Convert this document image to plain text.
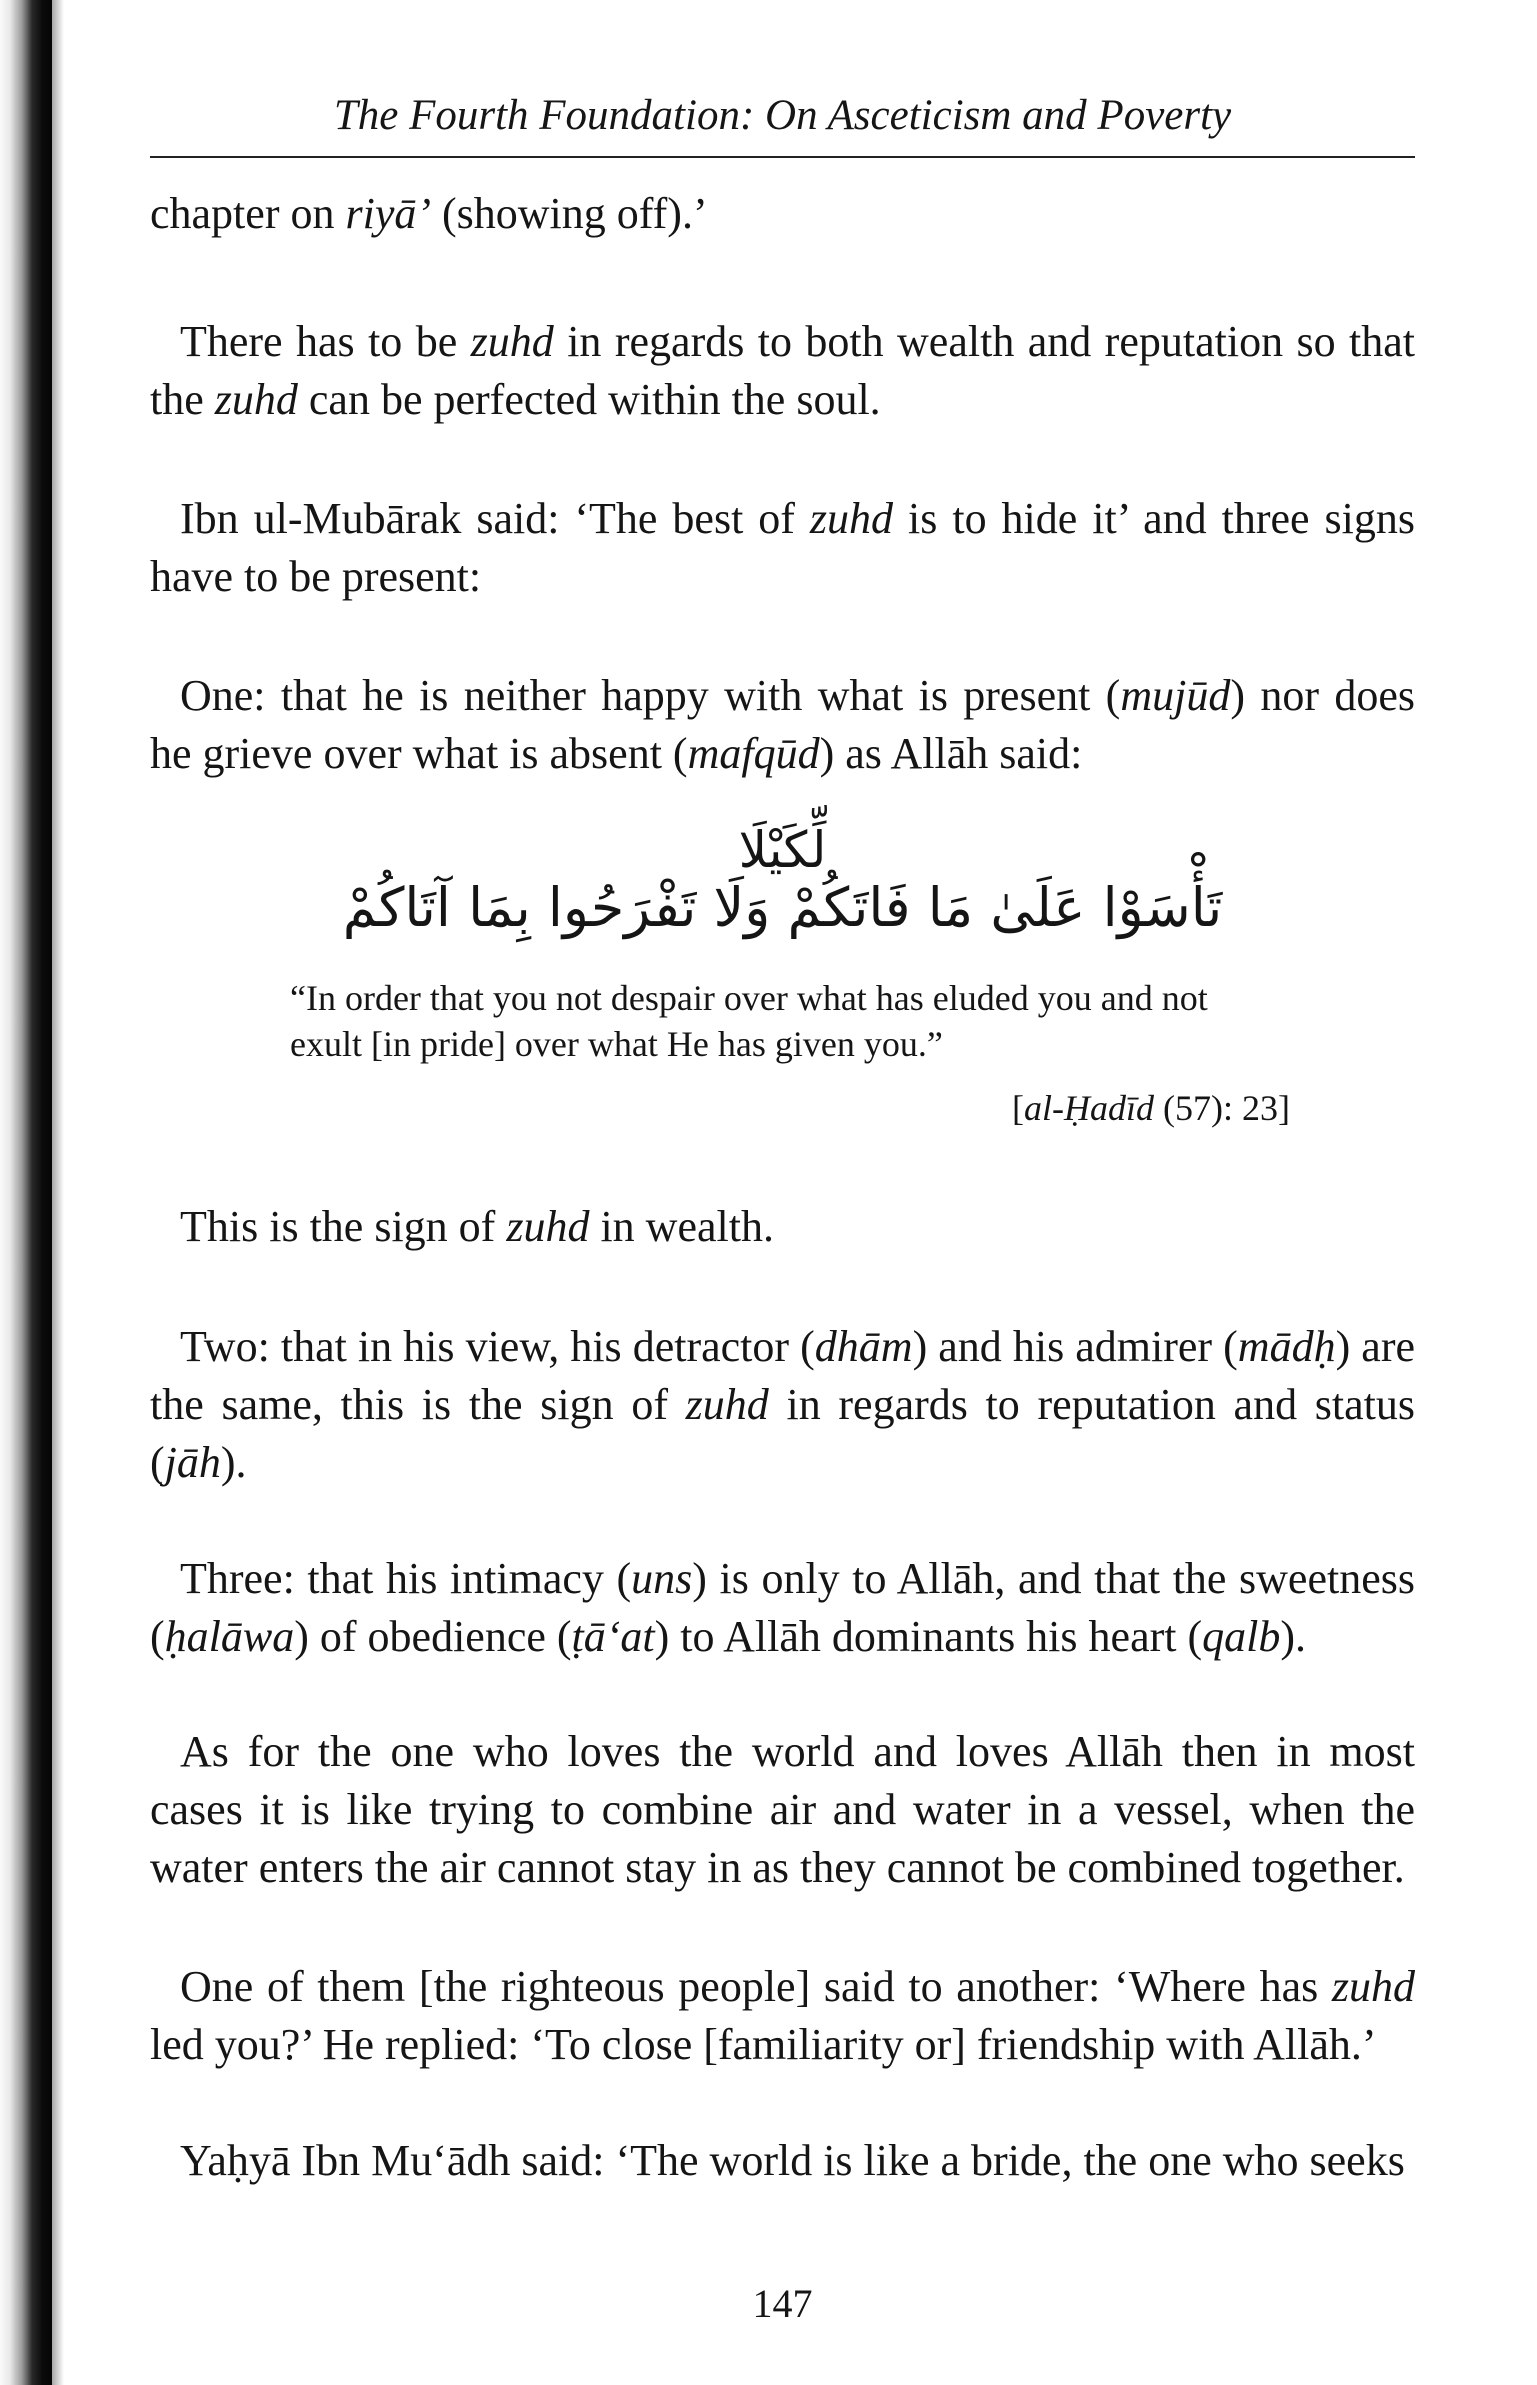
The Fourth Foundation: On Asceticism and Poverty

chapter on riyā’ (showing off).’

There has to be zuhd in regards to both wealth and reputation so that the zuhd can be perfected within the soul.

Ibn ul-Mubārak said: ‘The best of zuhd is to hide it’ and three signs have to be present:

One: that he is neither happy with what is present (mujūd) nor does he grieve over what is absent (mafqūd) as Allāh said:

لِّكَيْلَا
تَأْسَوْا عَلَىٰ مَا فَاتَكُمْ وَلَا تَفْرَحُوا بِمَا آتَاكُمْ

“In order that you not despair over what has eluded you and not exult [in pride] over what He has given you.”

[al-Ḥadīd (57): 23]

This is the sign of zuhd in wealth.

Two: that in his view, his detractor (dhām) and his admirer (mādḥ) are the same, this is the sign of zuhd in regards to reputation and status (jāh).

Three: that his intimacy (uns) is only to Allāh, and that the sweetness (ḥalāwa) of obedience (ṭā‘at) to Allāh dominants his heart (qalb).

As for the one who loves the world and loves Allāh then in most cases it is like trying to combine air and water in a vessel, when the water enters the air cannot stay in as they cannot be combined together.

One of them [the righteous people] said to another: ‘Where has zuhd led you?’ He replied: ‘To close [familiarity or] friendship with Allāh.’

Yaḥyā Ibn Mu‘ādh said: ‘The world is like a bride, the one who seeks

147
